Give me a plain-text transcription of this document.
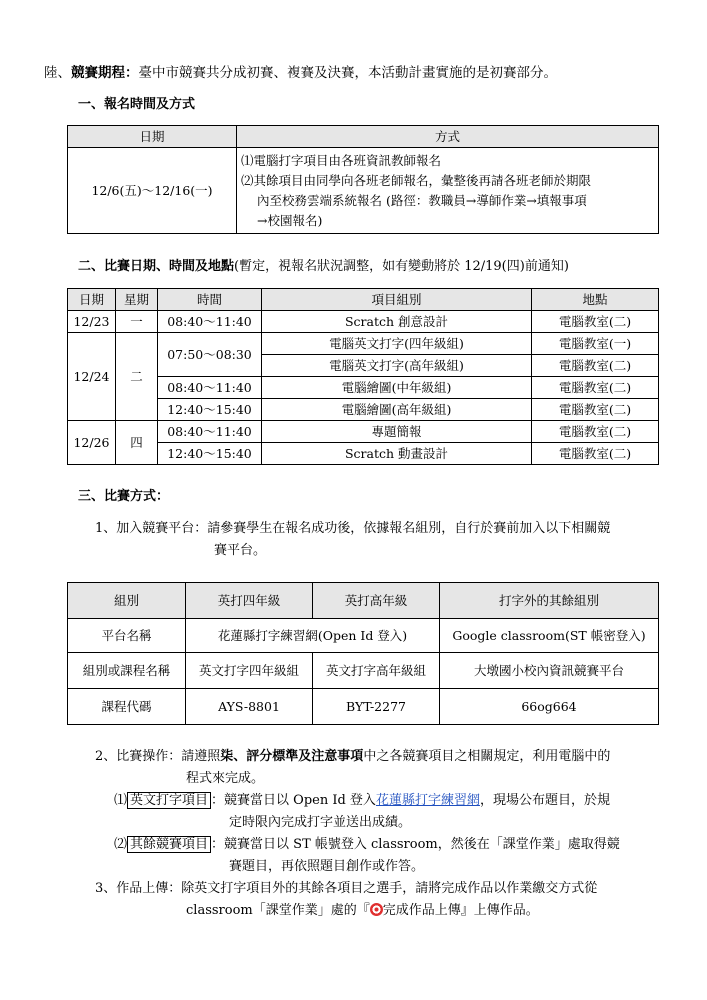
陸、競賽期程：臺中市競賽共分成初賽、複賽及決賽，本活動計畫實施的是初賽部分。
一、報名時間及方式
日期	方式
12/6(五)～12/16(一)	⑴電腦打字項目由各班資訊教師報名
⑵其餘項目由同學向各班老師報名，彙整後再請各班老師於期限
內至校務雲端系統報名 (路徑：教職員→導師作業→填報事項
→校園報名)
二、比賽日期、時間及地點(暫定，視報名狀況調整，如有變動將於 12/19(四)前通知)
日期	星期	時間	項目組別	地點
12/23	一	08:40～11:40	Scratch 創意設計	電腦教室(二)
12/24	二	07:50～08:30	電腦英文打字(四年級組)	電腦教室(一)
			電腦英文打字(高年級組)	電腦教室(二)
		08:40～11:40	電腦繪圖(中年級組)	電腦教室(二)
		12:40～15:40	電腦繪圖(高年級組)	電腦教室(二)
12/26	四	08:40～11:40	專題簡報	電腦教室(二)
		12:40～15:40	Scratch 動畫設計	電腦教室(二)
三、比賽方式：
1、加入競賽平台：請參賽學生在報名成功後，依據報名組別，自行於賽前加入以下相關競
賽平台。
組別	英打四年級	英打高年級	打字外的其餘組別
平台名稱	花蓮縣打字練習網(Open Id 登入)		Google classroom(ST 帳密登入)
組別或課程名稱	英文打字四年級組	英文打字高年級組	大墩國小校內資訊競賽平台
課程代碼	AYS-8801	BYT-2277	66og664
2、比賽操作：請遵照柒、評分標準及注意事項中之各競賽項目之相關規定，利用電腦中的
程式來完成。
⑴ 英文打字項目 ：競賽當日以 Open Id 登入花蓮縣打字練習網，現場公布題目，於規
定時限內完成打字並送出成績。
⑵ 其餘競賽項目 ：競賽當日以 ST 帳號登入 classroom，然後在「課堂作業」處取得競
賽題目，再依照題目創作或作答。
3、作品上傳：除英文打字項目外的其餘各項目之選手，請將完成作品以作業繳交方式從
classroom「課堂作業」處的『 完成作品上傳』上傳作品。
